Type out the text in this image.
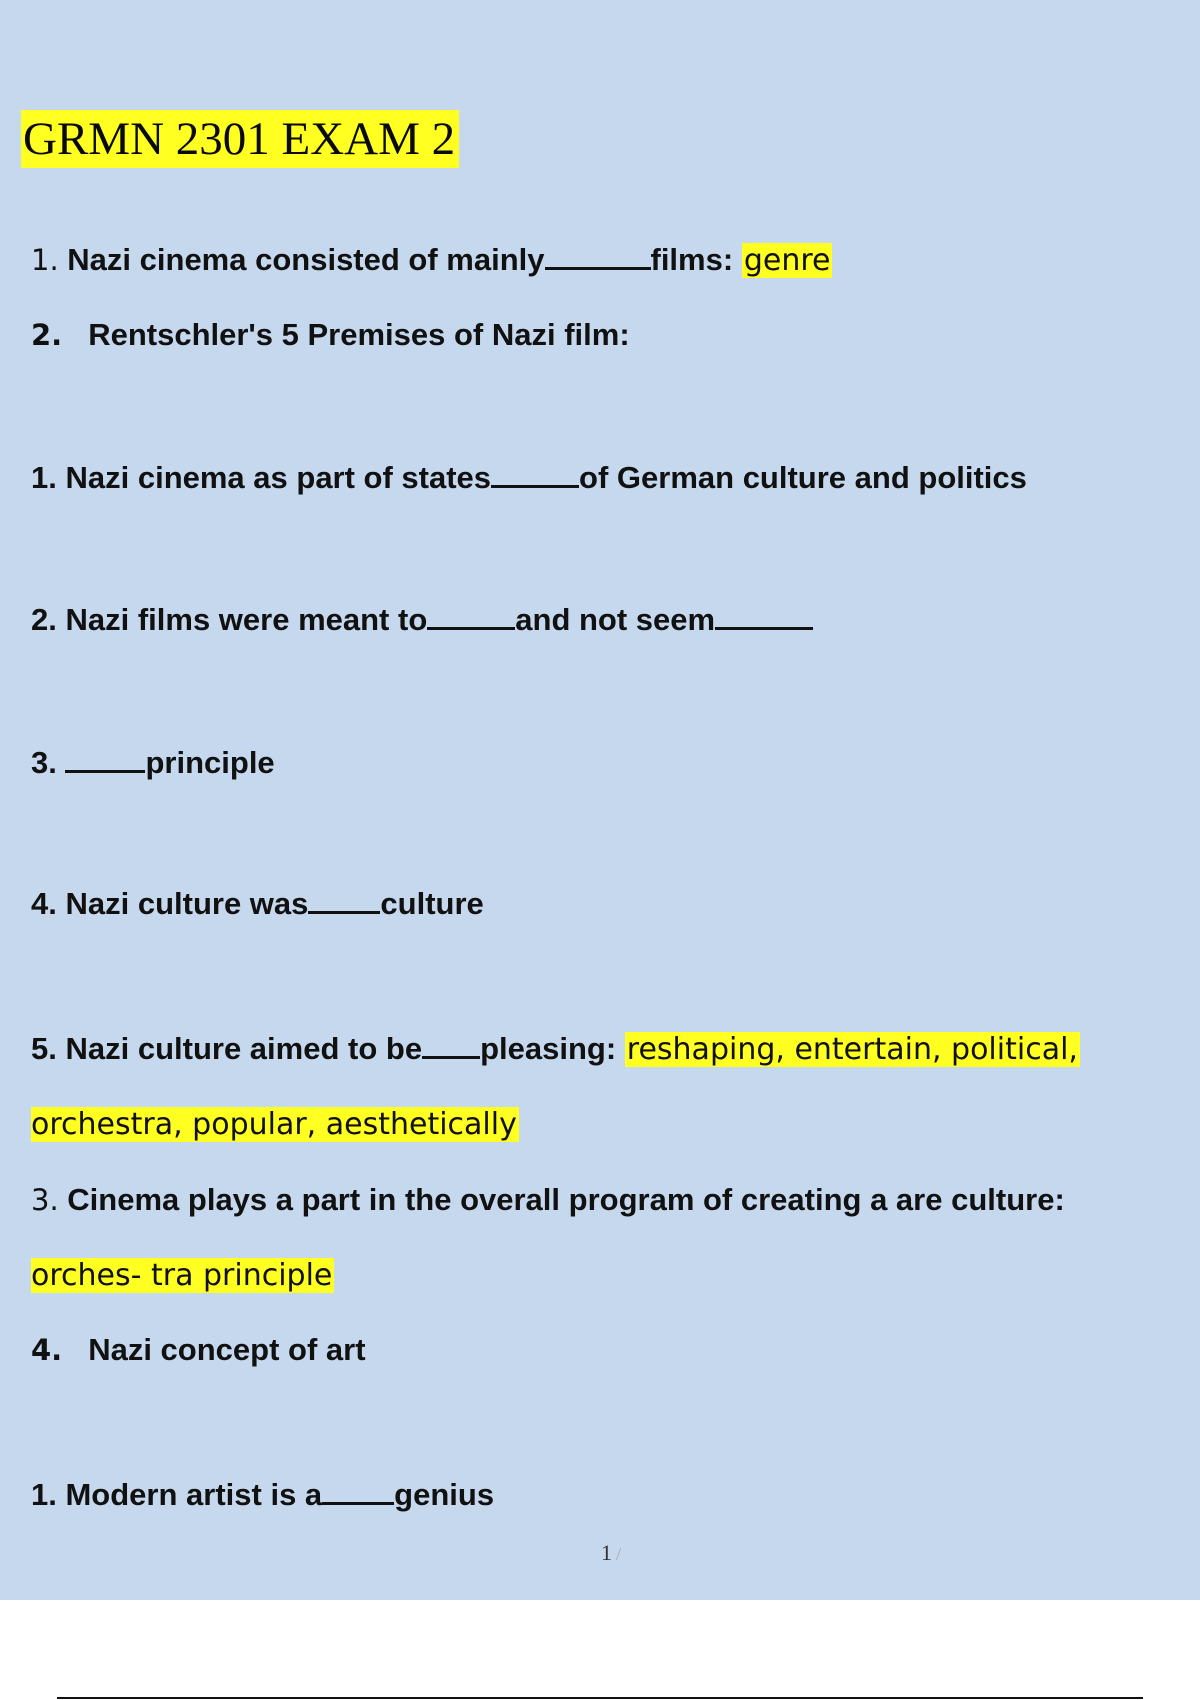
GRMN 2301 EXAM 2
1. Nazi cinema consisted of mainly	films: genre
2. Rentschler's 5 Premises of Nazi film:
1. Nazi cinema as part of states	of German culture and politics
2. Nazi films were meant to	and not seem
3.	principle
4. Nazi culture was culture
5. Nazi culture aimed to be pleasing: reshaping, entertain, political,
orchestra, popular, aesthetically
3. Cinema plays a part in the overall program of creating a are culture:
orches- tra principle
4. Nazi concept of art
1. Modern artist is a genius
1 /
